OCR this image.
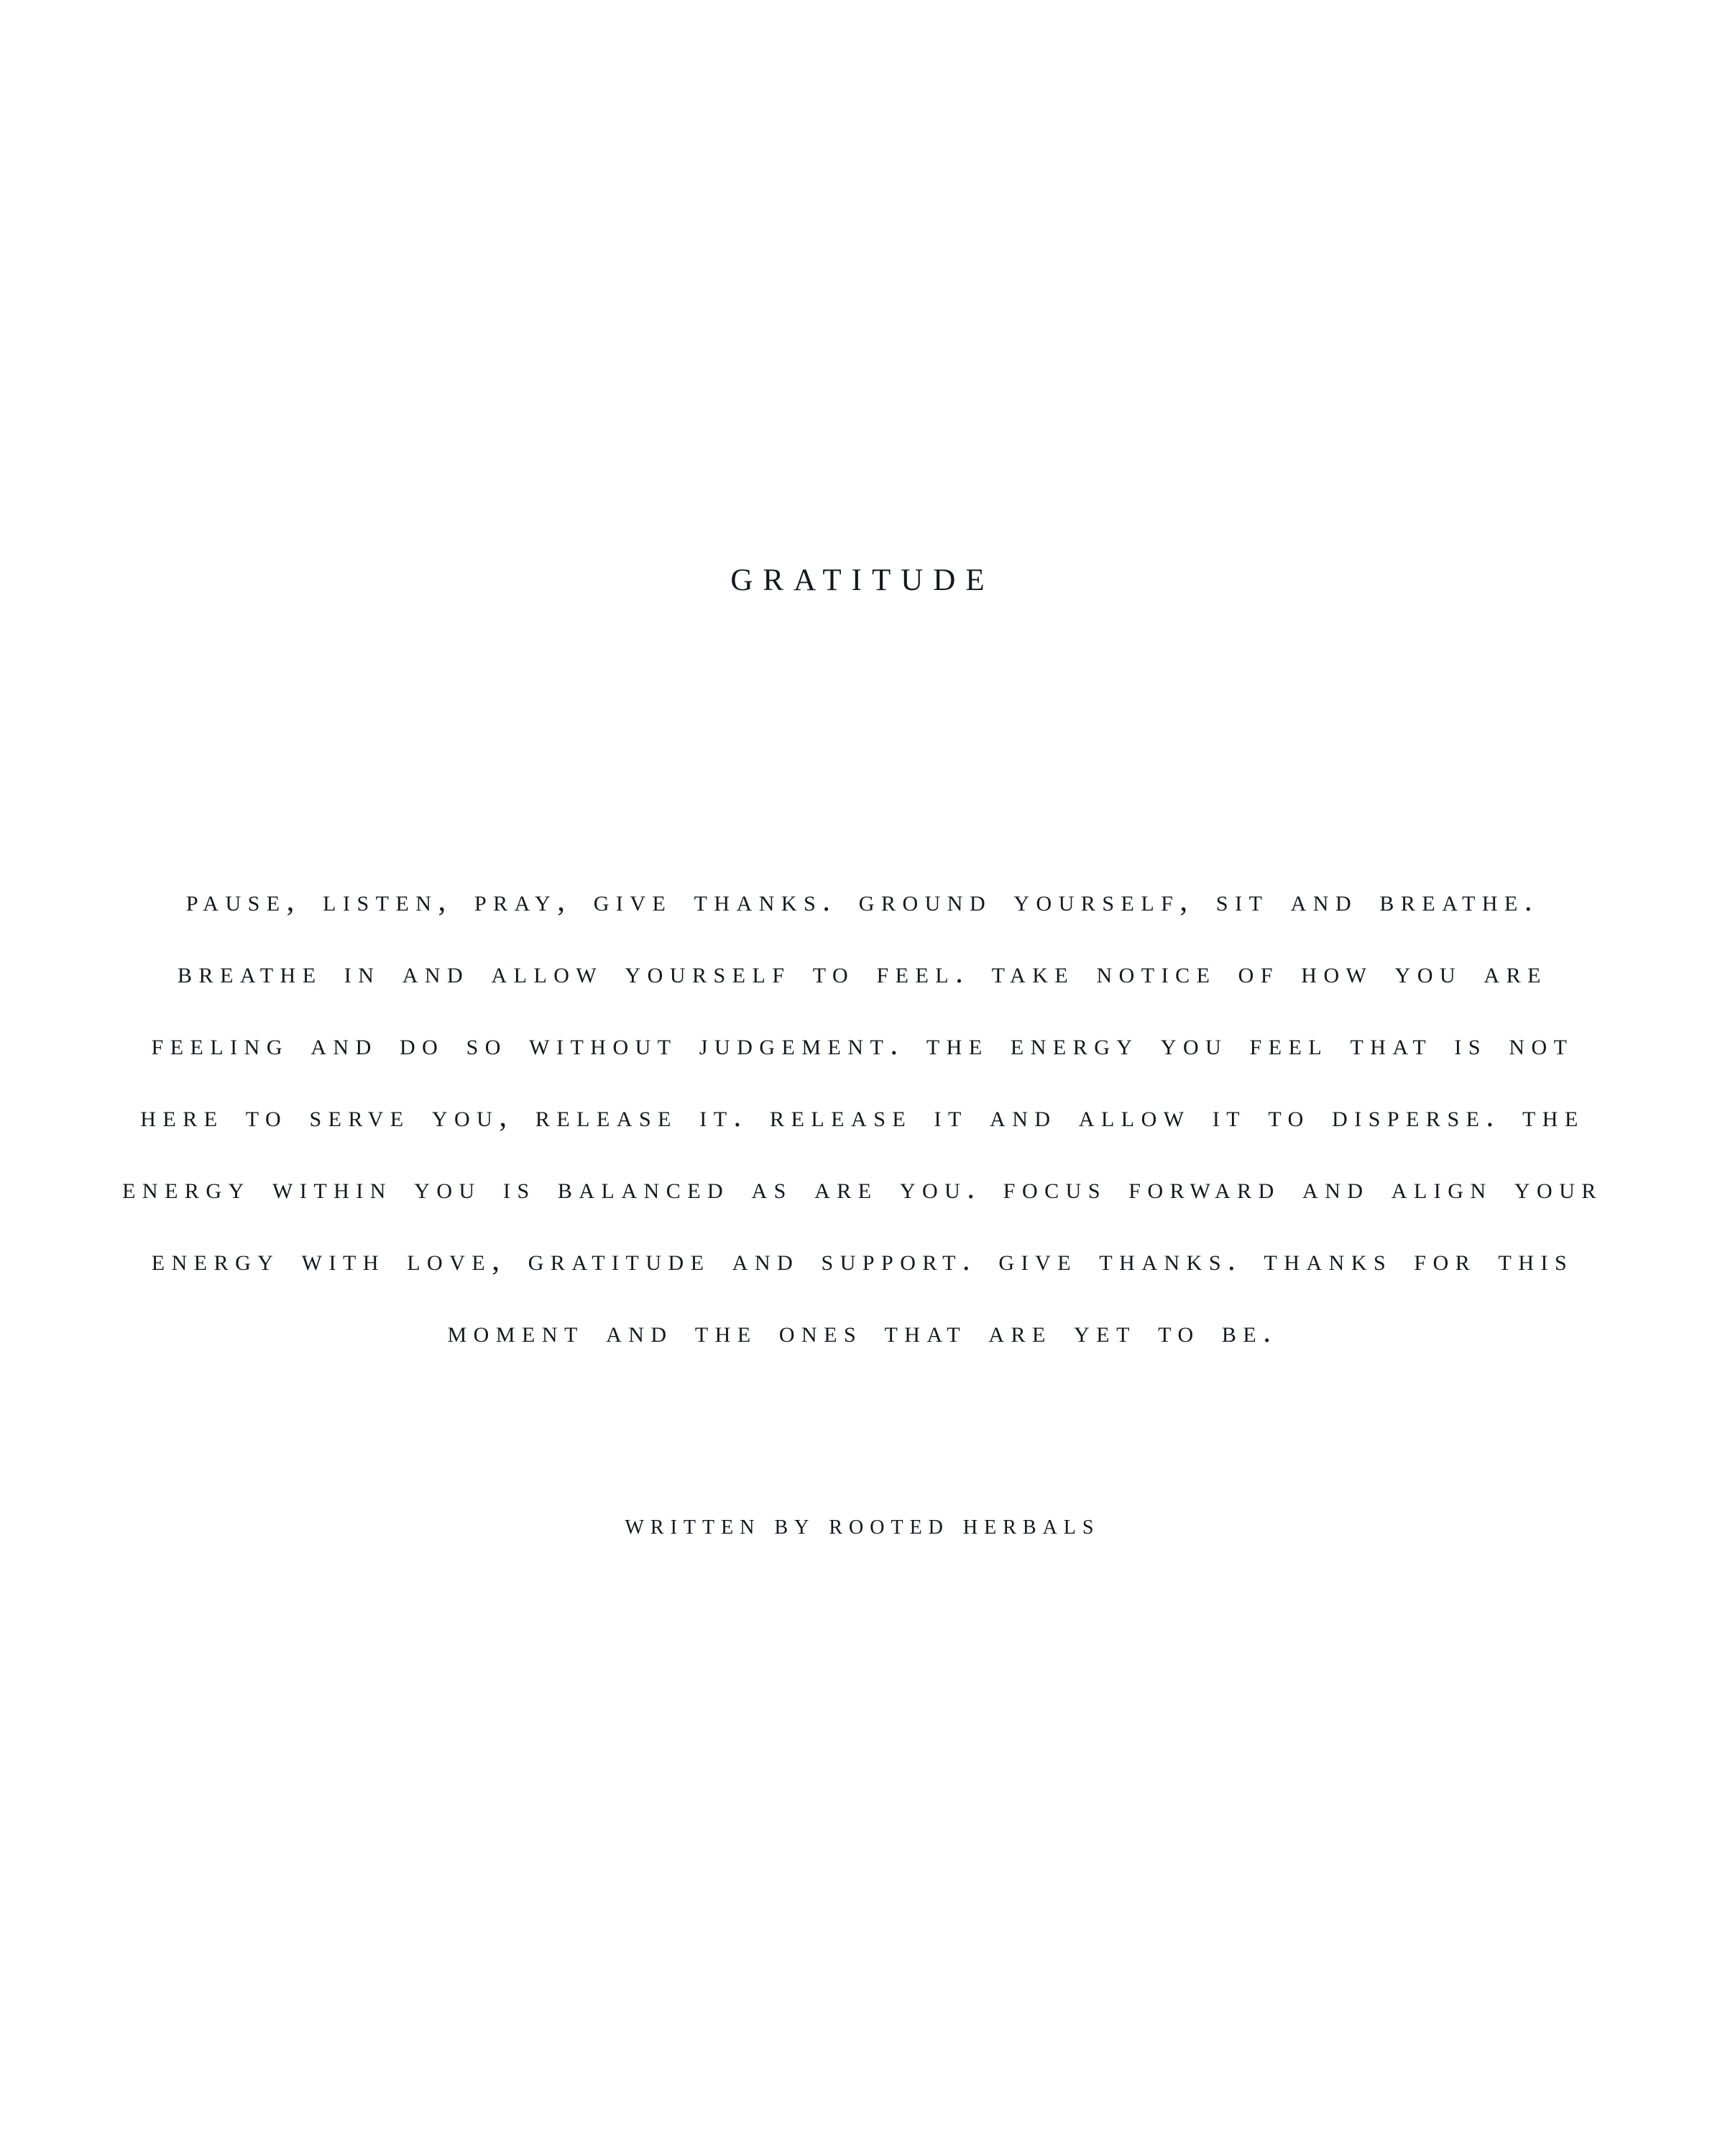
gratitude

pause, listen, pray, give thanks. ground yourself, sit and breathe. breathe in and allow yourself to feel. take notice of how you are feeling and do so without judgement. the energy you feel that is not here to serve you, release it. release it and allow it to disperse. the energy within you is balanced as are you. focus forward and align your energy with love, gratitude and support. give thanks. thanks for this moment and the ones that are yet to be.

written by rooted herbals
